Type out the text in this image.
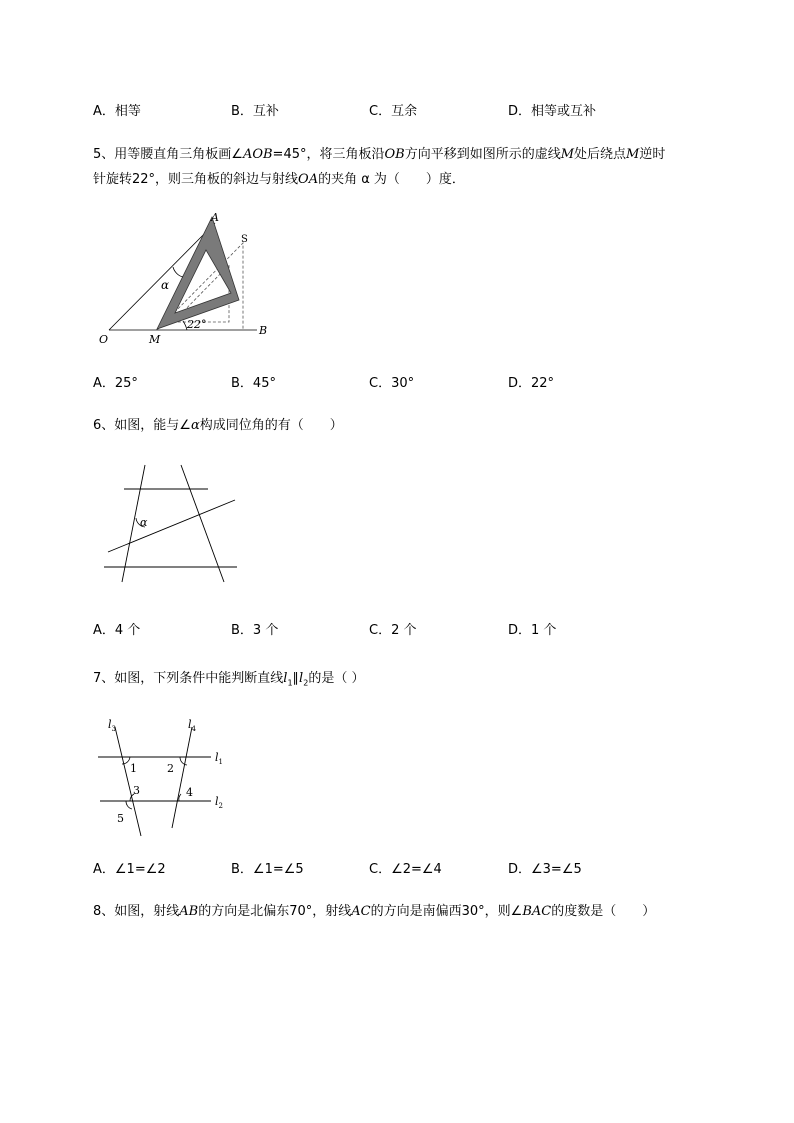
A．相等	B．互补	C．互余	D．相等或互补
5、用等腰直角三角板画∠AOB=45°，将三角板沿OB方向平移到如图所示的虚线M处后绕点M逆时
针旋转22°，则三角板的斜边与射线OA的夹角 α 为（　　）度．
A
S
α
22°
O	M
B
A．25°	B．45°	C．30°	D．22°
6、如图，能与∠α构成同位角的有（　　）
α
A．4 个	B．3 个	C．2 个	D．1 个
7、如图，下列条件中能判断直线$l_1\parallel l_2$的是（ ）
$l_3$	$l_4$
$l_1$
$l_2$
1	2
3	4
5
A．∠1=∠2	B．∠1=∠5	C．∠2=∠4	D．∠3=∠5
8、如图，射线AB的方向是北偏东70°，射线AC的方向是南偏西30°，则∠BAC的度数是（　　）
